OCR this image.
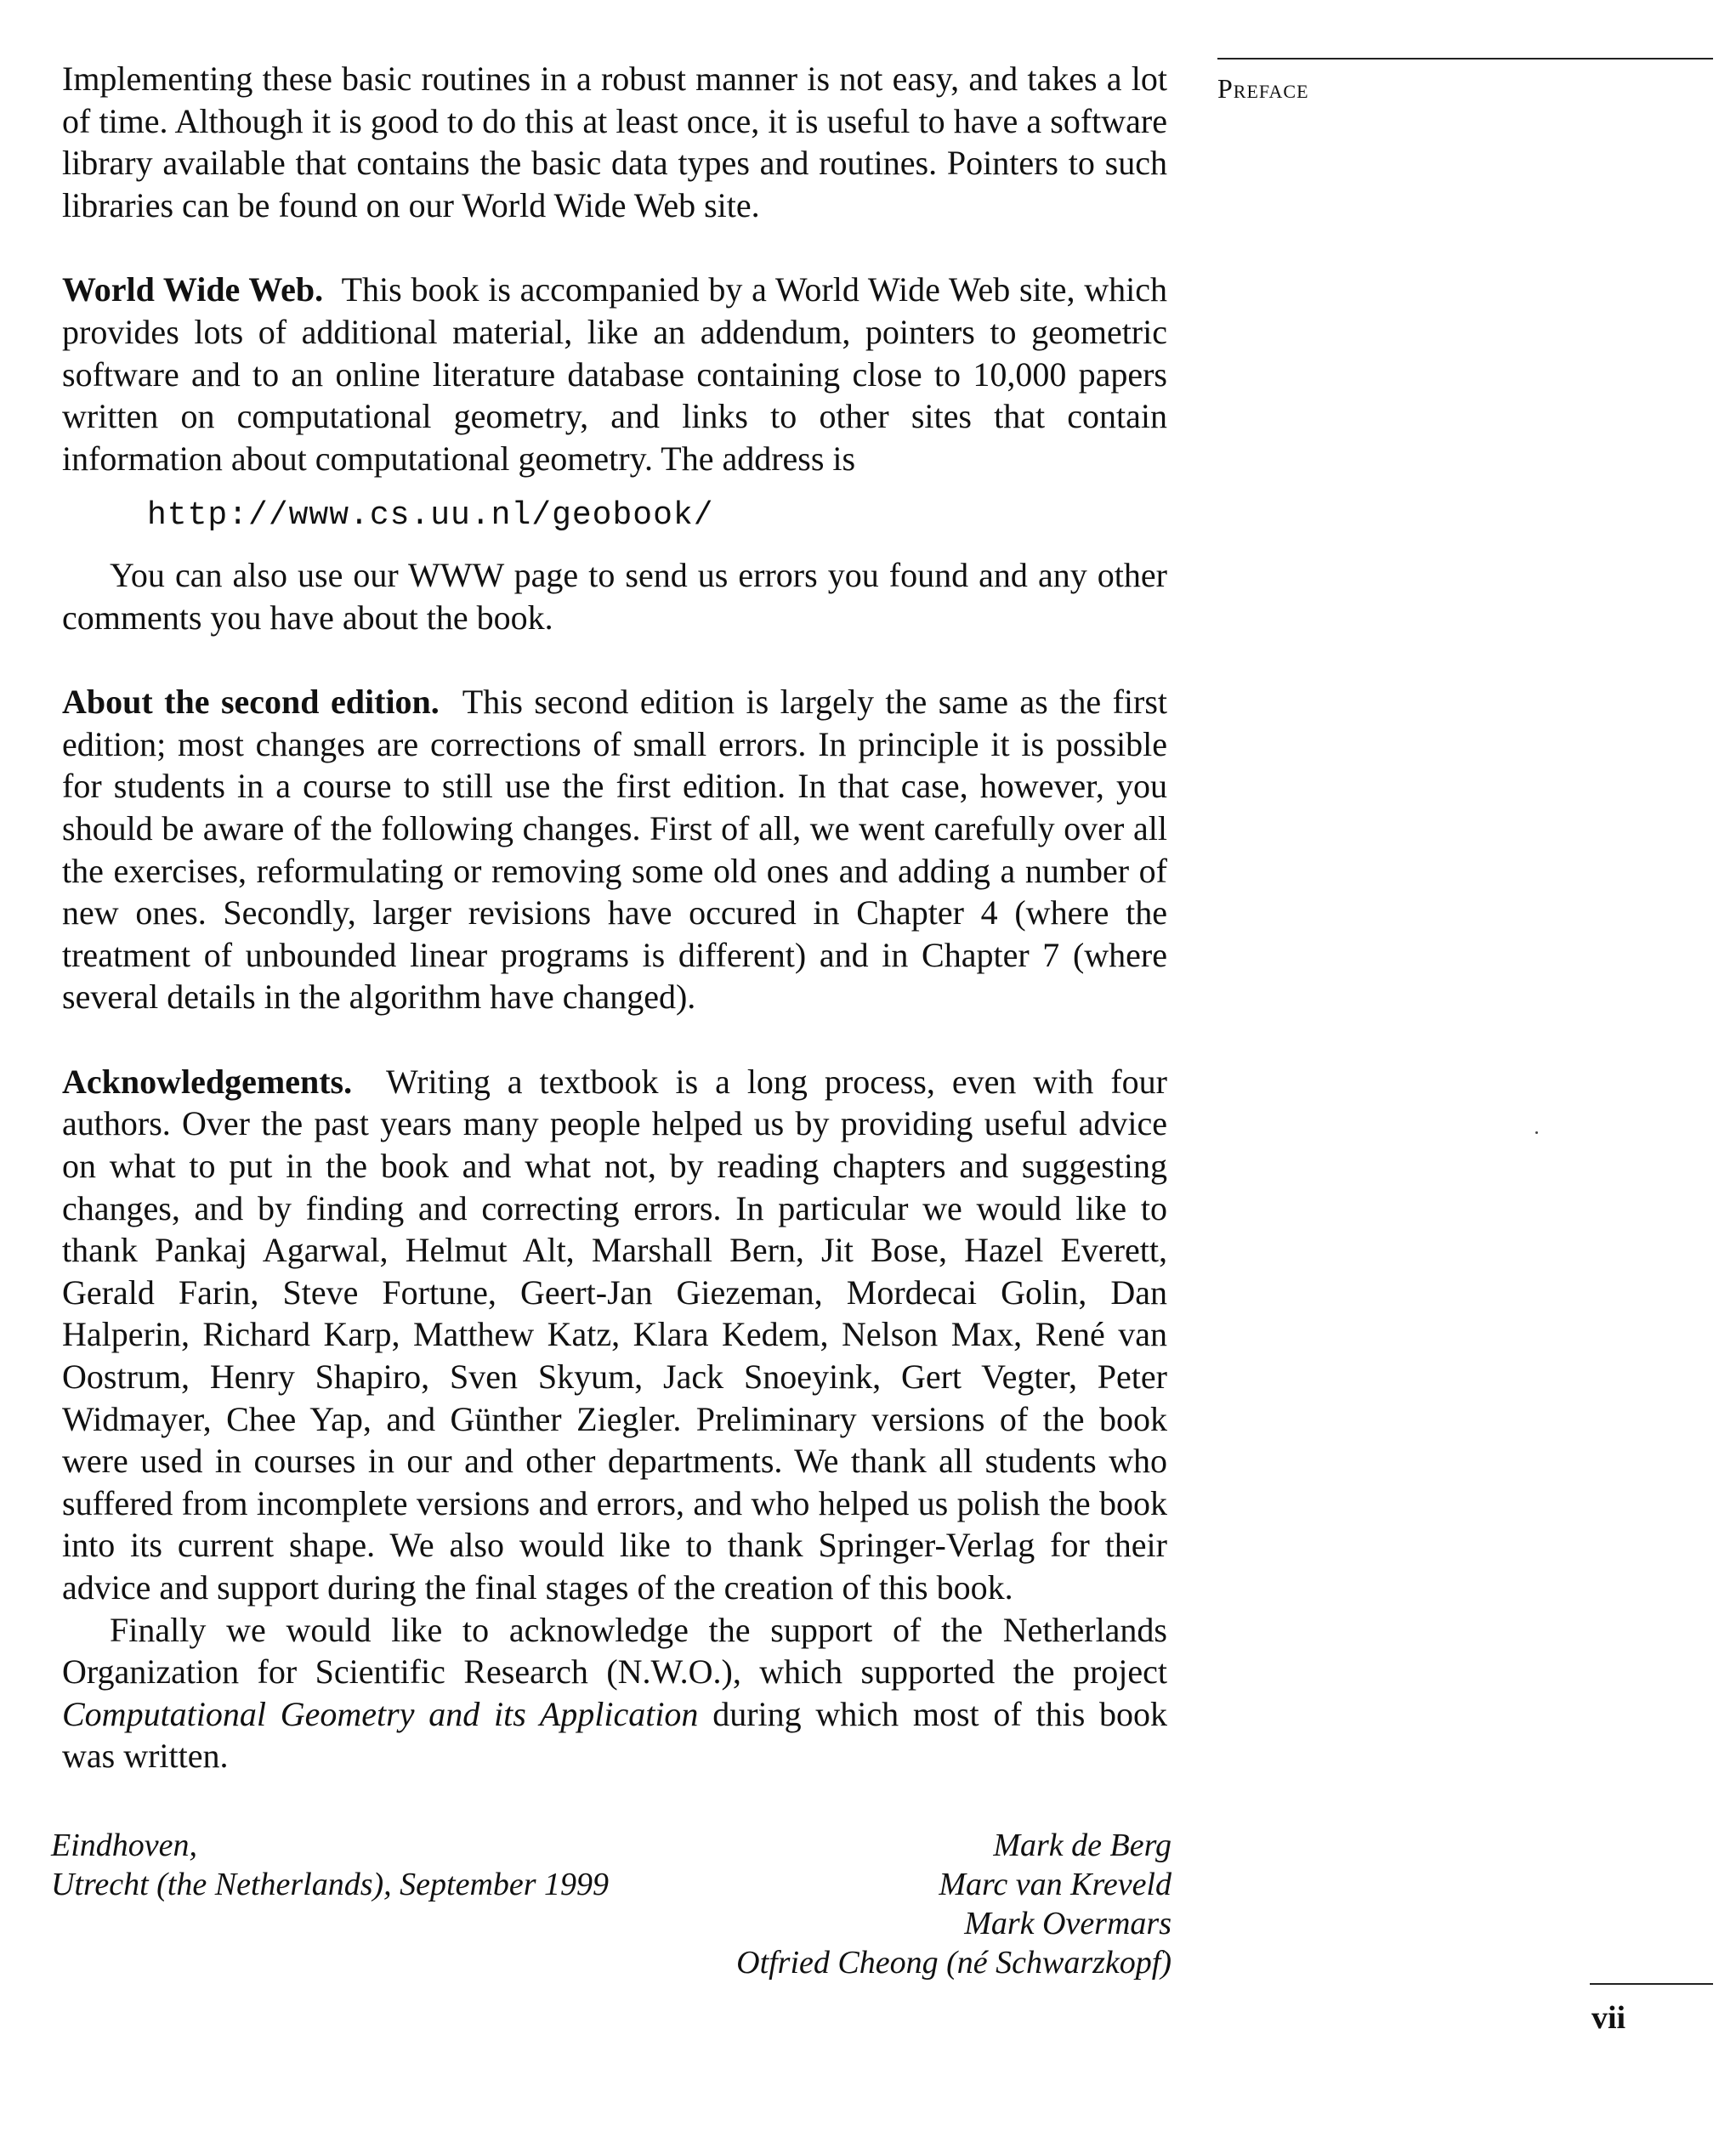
Preface

Implementing these basic routines in a robust manner is not easy, and takes a lot of time. Although it is good to do this at least once, it is useful to have a software library available that contains the basic data types and routines. Pointers to such libraries can be found on our World Wide Web site.

World Wide Web. This book is accompanied by a World Wide Web site, which provides lots of additional material, like an addendum, pointers to geometric software and to an online literature database containing close to 10,000 papers written on computational geometry, and links to other sites that contain information about computational geometry. The address is

http://www.cs.uu.nl/geobook/

You can also use our WWW page to send us errors you found and any other comments you have about the book.

About the second edition. This second edition is largely the same as the first edition; most changes are corrections of small errors. In principle it is possible for students in a course to still use the first edition. In that case, however, you should be aware of the following changes. First of all, we went carefully over all the exercises, reformulating or removing some old ones and adding a number of new ones. Secondly, larger revisions have occured in Chapter 4 (where the treatment of unbounded linear programs is different) and in Chapter 7 (where several details in the algorithm have changed).

Acknowledgements. Writing a textbook is a long process, even with four authors. Over the past years many people helped us by providing useful advice on what to put in the book and what not, by reading chapters and suggesting changes, and by finding and correcting errors. In particular we would like to thank Pankaj Agarwal, Helmut Alt, Marshall Bern, Jit Bose, Hazel Everett, Gerald Farin, Steve Fortune, Geert-Jan Giezeman, Mordecai Golin, Dan Halperin, Richard Karp, Matthew Katz, Klara Kedem, Nelson Max, René van Oostrum, Henry Shapiro, Sven Skyum, Jack Snoeyink, Gert Vegter, Peter Widmayer, Chee Yap, and Günther Ziegler. Preliminary versions of the book were used in courses in our and other departments. We thank all students who suffered from incomplete versions and errors, and who helped us polish the book into its current shape. We also would like to thank Springer-Verlag for their advice and support during the final stages of the creation of this book.

Finally we would like to acknowledge the support of the Netherlands Organization for Scientific Research (N.W.O.), which supported the project Computational Geometry and its Application during which most of this book was written.

Eindhoven,
Utrecht (the Netherlands), September 1999
Mark de Berg
Marc van Kreveld
Mark Overmars
Otfried Cheong (né Schwarzkopf)
vii
